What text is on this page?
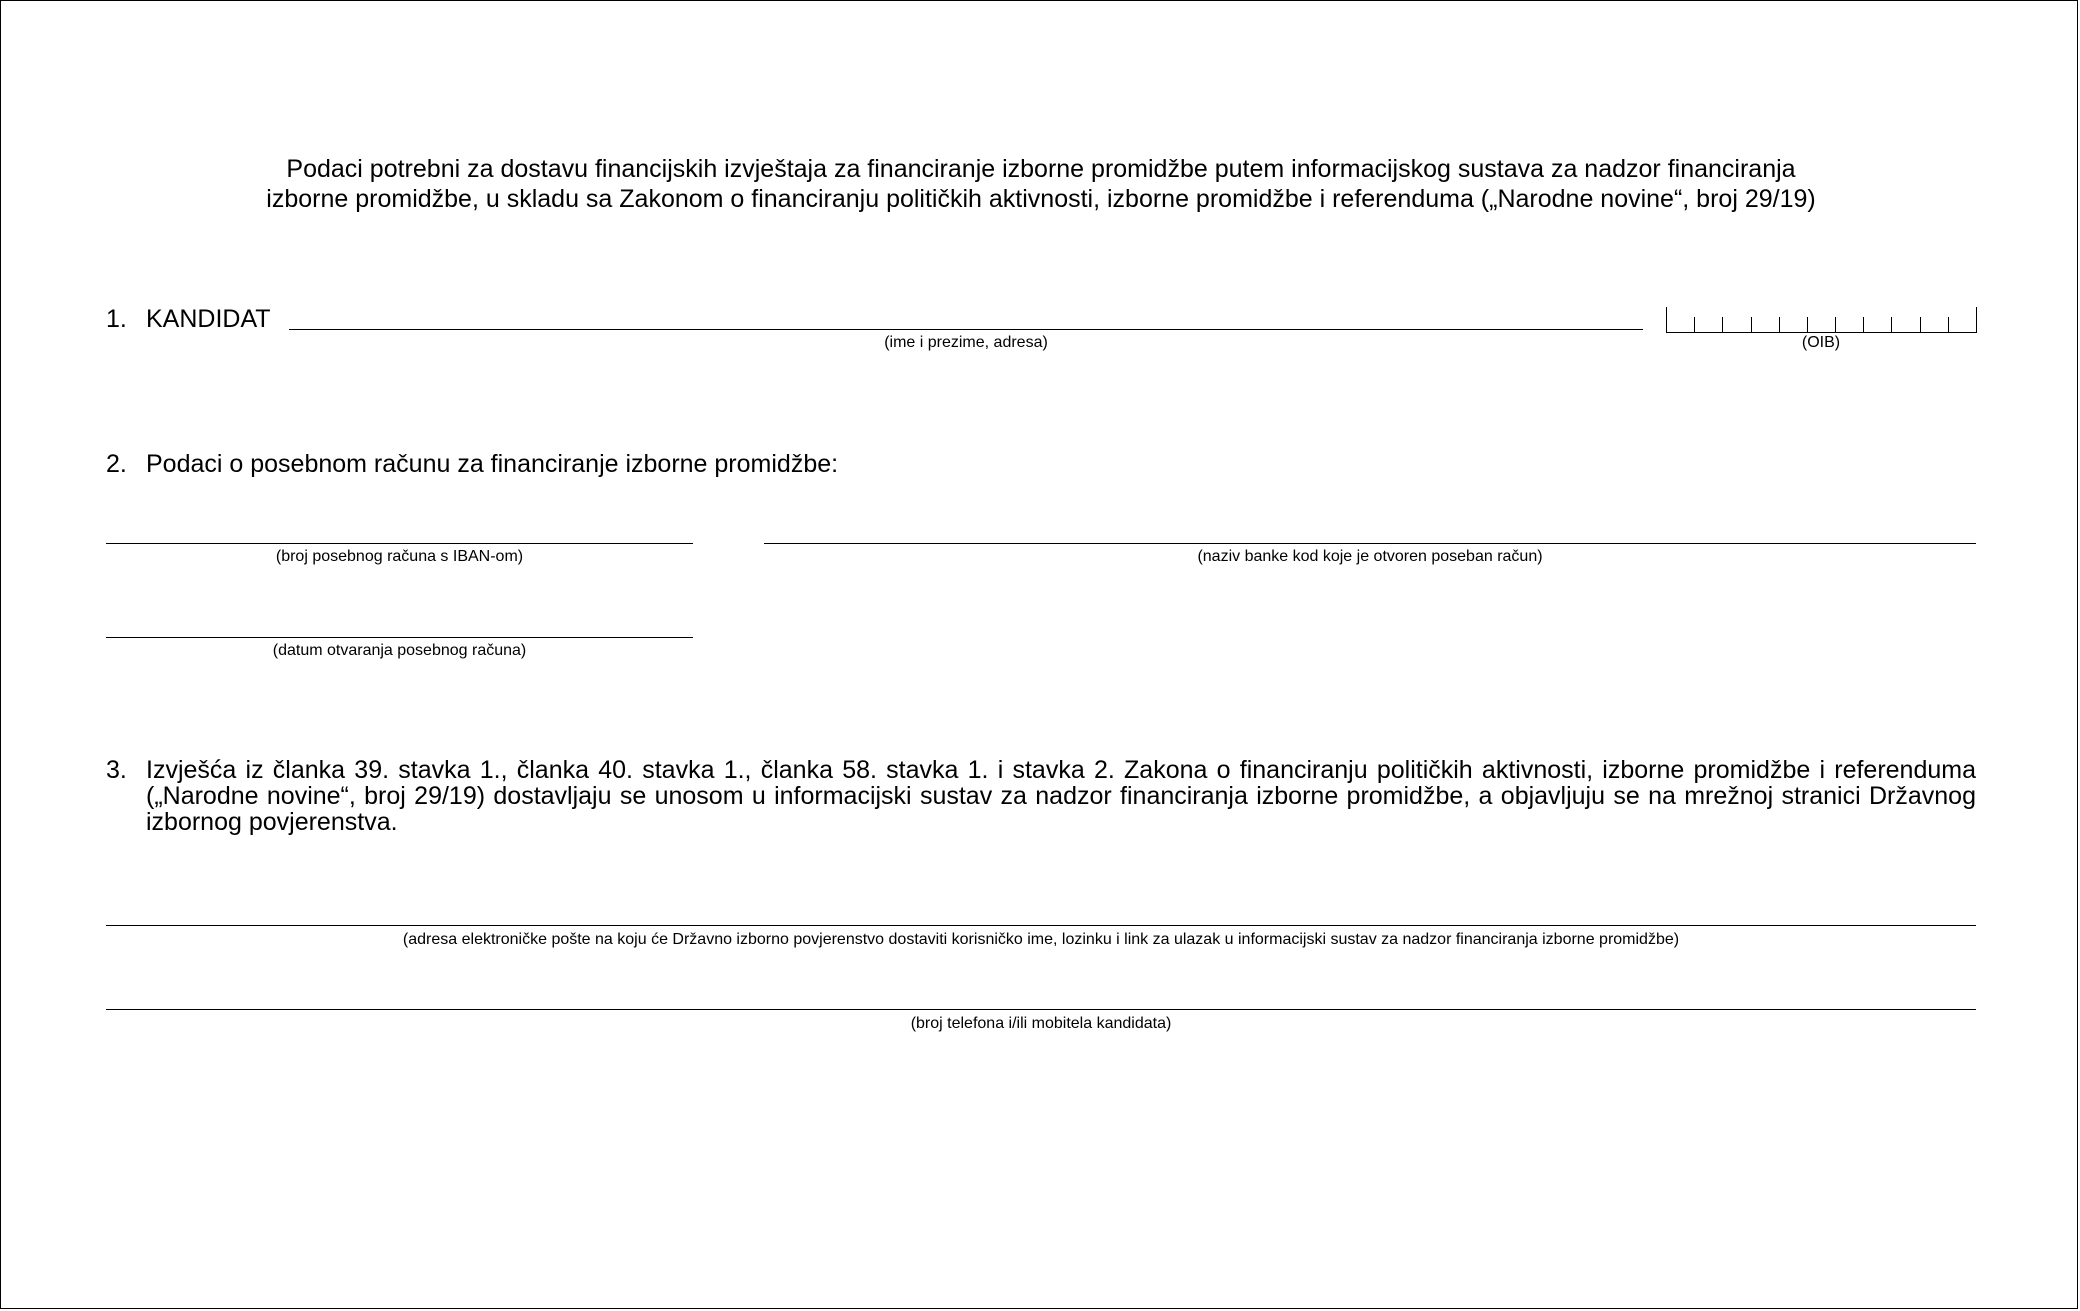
Podaci potrebni za dostavu financijskih izvještaja za financiranje izborne promidžbe putem informacijskog sustava za nadzor financiranja
izborne promidžbe, u skladu sa Zakonom o financiranju političkih aktivnosti, izborne promidžbe i referenduma („Narodne novine“, broj 29/19)
1. KANDIDAT
(ime i prezime, adresa)	(OIB)
2. Podaci o posebnom računu za financiranje izborne promidžbe:
(broj posebnog računa s IBAN-om)	(naziv banke kod koje je otvoren poseban račun)
(datum otvaranja posebnog računa)
3. Izvješća iz članka 39. stavka 1., članka 40. stavka 1., članka 58. stavka 1. i stavka 2. Zakona o financiranju političkih aktivnosti, izborne promidžbe i referenduma („Narodne novine“, broj 29/19) dostavljaju se unosom u informacijski sustav za nadzor financiranja izborne promidžbe, a objavljuju se na mrežnoj stranici Državnog izbornog povjerenstva.
(adresa elektroničke pošte na koju će Državno izborno povjerenstvo dostaviti korisničko ime, lozinku i link za ulazak u informacijski sustav za nadzor financiranja izborne promidžbe)
(broj telefona i/ili mobitela kandidata)
